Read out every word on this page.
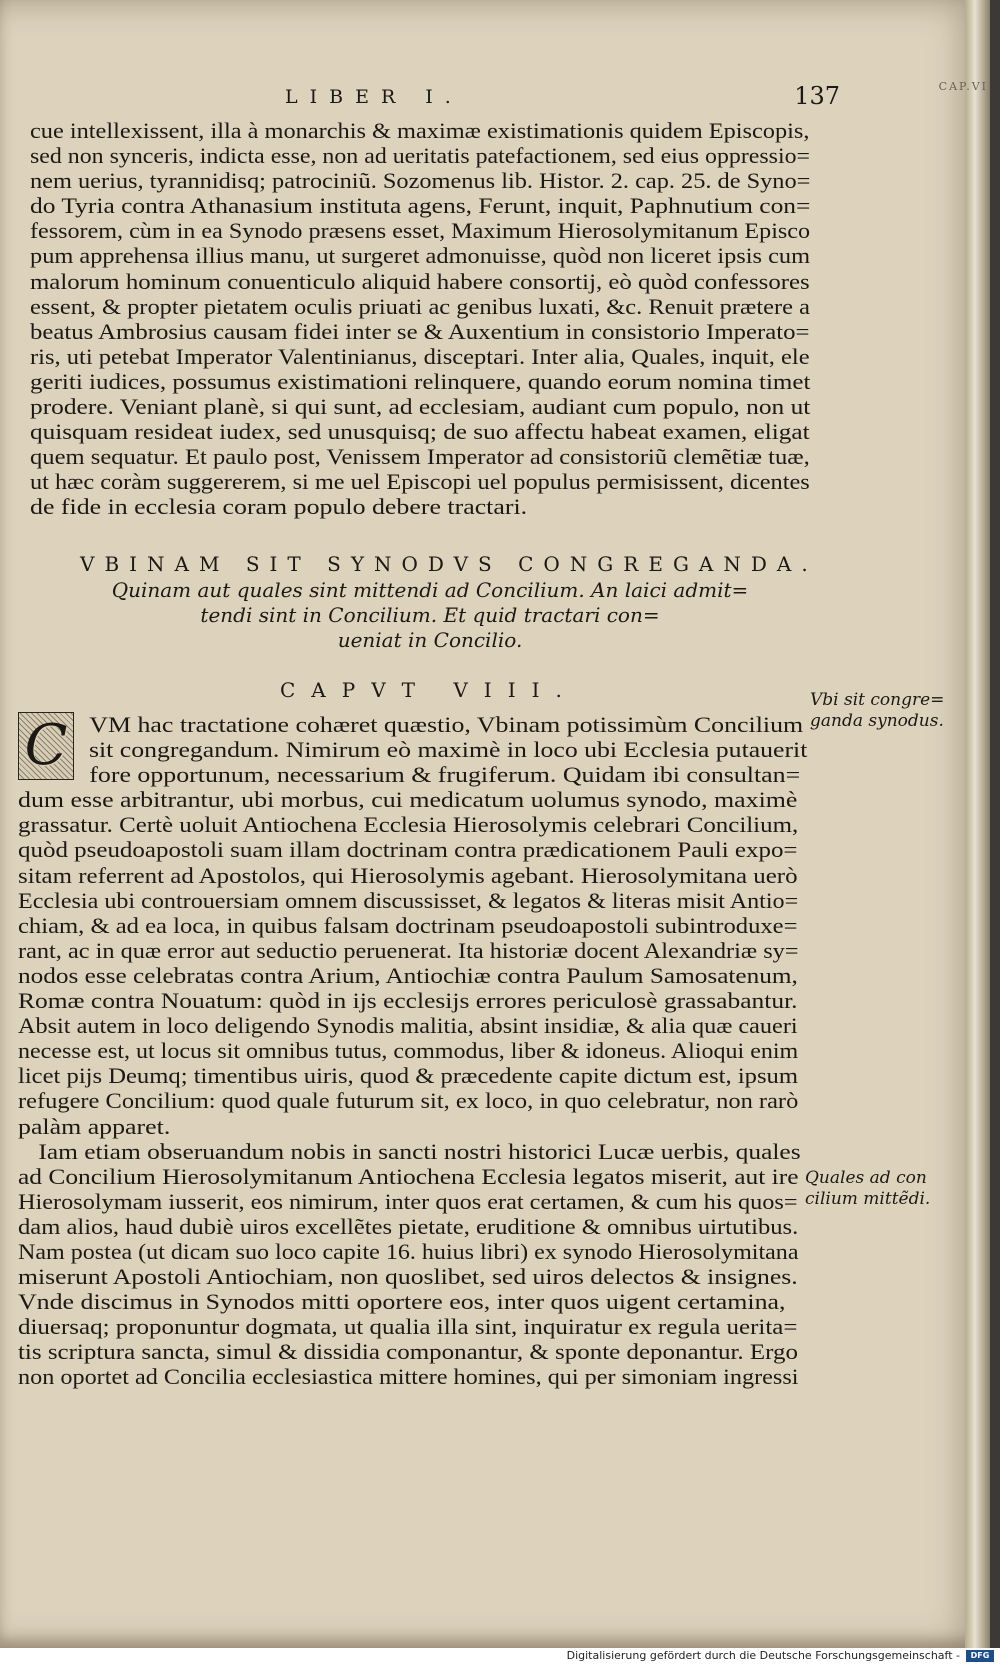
CAP.VI
LIBER I.	137
cue intellexissent, illa à monarchis & maximæ existimationis quidem Episcopis,
sed non synceris, indicta esse, non ad ueritatis patefactionem, sed eius oppressio=
nem uerius, tyrannidisq; patrociniũ. Sozomenus lib. Histor. 2. cap. 25. de Syno=
do Tyria contra Athanasium instituta agens, Ferunt, inquit, Paphnutium con=
fessorem, cùm in ea Synodo præsens esset, Maximum Hierosolymitanum Episco
pum apprehensa illius manu, ut surgeret admonuisse, quòd non liceret ipsis cum
malorum hominum conuenticulo aliquid habere consortij, eò quòd confessores
essent, & propter pietatem oculis priuati ac genibus luxati, &c. Renuit prætere a
beatus Ambrosius causam fidei inter se & Auxentium in consistorio Imperato=
ris, uti petebat Imperator Valentinianus, disceptari. Inter alia, Quales, inquit, ele
geriti iudices, possumus existimationi relinquere, quando eorum nomina timet
prodere. Veniant planè, si qui sunt, ad ecclesiam, audiant cum populo, non ut
quisquam resideat iudex, sed unusquisq; de suo affectu habeat examen, eligat
quem sequatur. Et paulo post, Venissem Imperator ad consistoriũ clemẽtiæ tuæ,
ut hæc coràm suggererem, si me uel Episcopi uel populus permisissent, dicentes
de fide in ecclesia coram populo debere tractari.
VBINAM SIT SYNODVS CONGREGANDA.
Quinam aut quales sint mittendi ad Concilium. An laici admit=
tendi sint in Concilium. Et quid tractari con=
ueniat in Concilio.
CAPVT VIII.
C VM hac tractatione cohæret quæstio, Vbinam potissimùm Concilium
sit congregandum. Nimirum eò maximè in loco ubi Ecclesia putauerit
fore opportunum, necessarium & frugiferum. Quidam ibi consultan=
dum esse arbitrantur, ubi morbus, cui medicatum uolumus synodo, maximè
grassatur. Certè uoluit Antiochena Ecclesia Hierosolymis celebrari Concilium,
quòd pseudoapostoli suam illam doctrinam contra prædicationem Pauli expo=
sitam referrent ad Apostolos, qui Hierosolymis agebant. Hierosolymitana uerò
Ecclesia ubi controuersiam omnem discussisset, & legatos & literas misit Antio=
chiam, & ad ea loca, in quibus falsam doctrinam pseudoapostoli subintroduxe=
rant, ac in quæ error aut seductio peruenerat. Ita historiæ docent Alexandriæ sy=
nodos esse celebratas contra Arium, Antiochiæ contra Paulum Samosatenum,
Romæ contra Nouatum: quòd in ijs ecclesijs errores periculosè grassabantur.
Absit autem in loco deligendo Synodis malitia, absint insidiæ, & alia quæ caueri
necesse est, ut locus sit omnibus tutus, commodus, liber & idoneus. Alioqui enim
licet pijs Deumq; timentibus uiris, quod & præcedente capite dictum est, ipsum
refugere Concilium: quod quale futurum sit, ex loco, in quo celebratur, non rarò
palàm apparet.
Iam etiam obseruandum nobis in sancti nostri historici Lucæ uerbis, quales
ad Concilium Hierosolymitanum Antiochena Ecclesia legatos miserit, aut ire
Hierosolymam iusserit, eos nimirum, inter quos erat certamen, & cum his quos=
dam alios, haud dubiè uiros excellẽtes pietate, eruditione & omnibus uirtutibus.
Nam postea (ut dicam suo loco capite 16. huius libri) ex synodo Hierosolymitana
miserunt Apostoli Antiochiam, non quoslibet, sed uiros delectos & insignes.
Vnde discimus in Synodos mitti oportere eos, inter quos uigent certamina,
diuersaq; proponuntur dogmata, ut qualia illa sint, inquiratur ex regula uerita=
tis scriptura sancta, simul & dissidia componantur, & sponte deponantur. Ergo
non oportet ad Concilia ecclesiastica mittere homines, qui per simoniam ingressi
Vbi sit congre=
ganda synodus.
Quales ad con
cilium mittẽdi.
Digitalisierung gefördert durch die Deutsche Forschungsgemeinschaft -	DFG
